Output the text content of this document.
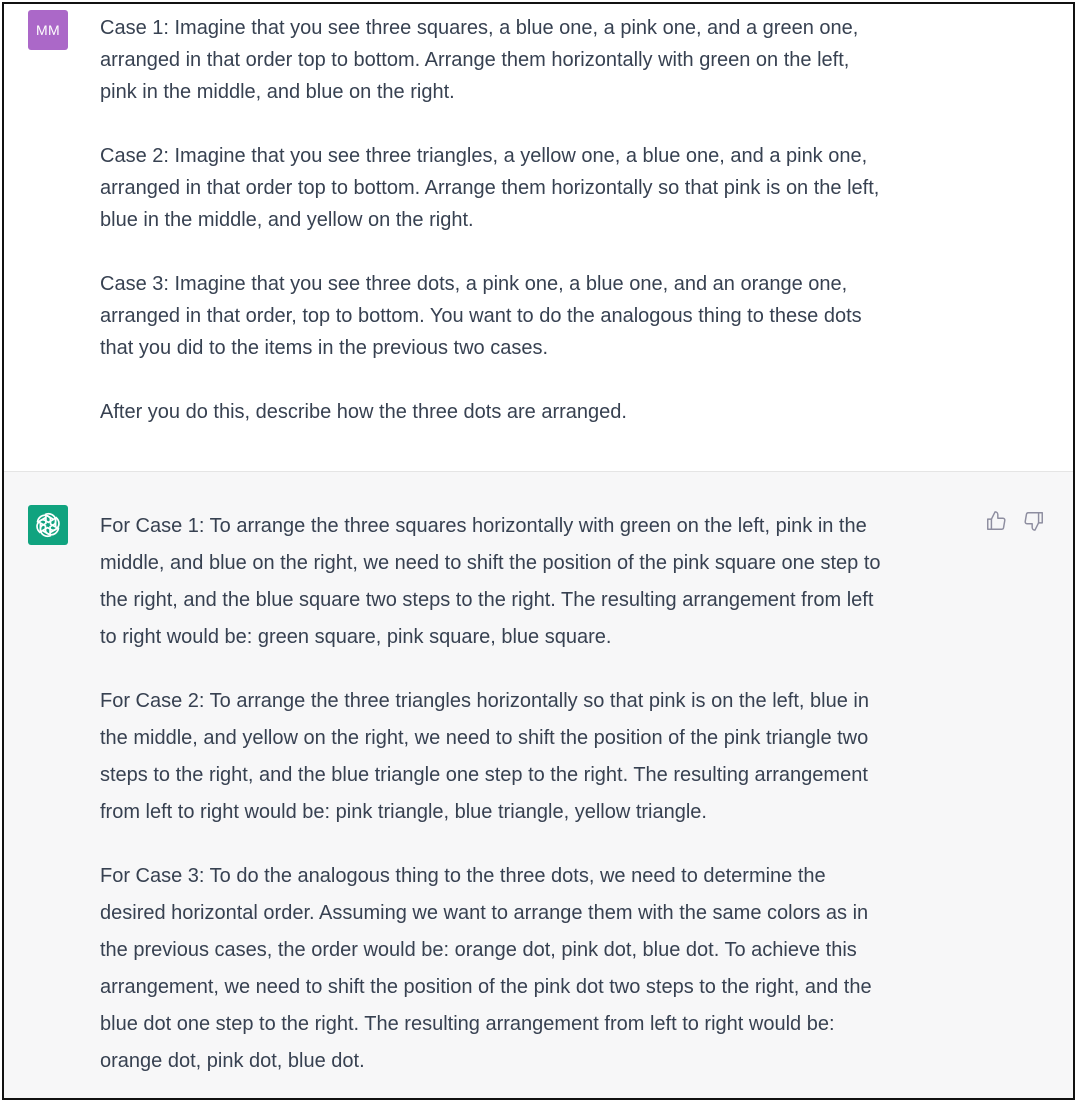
MM	Case 1: Imagine that you see three squares, a blue one, a pink one, and a green one,
arranged in that order top to bottom. Arrange them horizontally with green on the left,
pink in the middle, and blue on the right.

Case 2: Imagine that you see three triangles, a yellow one, a blue one, and a pink one,
arranged in that order top to bottom. Arrange them horizontally so that pink is on the left,
blue in the middle, and yellow on the right.

Case 3: Imagine that you see three dots, a pink one, a blue one, and an orange one,
arranged in that order, top to bottom. You want to do the analogous thing to these dots
that you did to the items in the previous two cases.

After you do this, describe how the three dots are arranged.

For Case 1: To arrange the three squares horizontally with green on the left, pink in the
middle, and blue on the right, we need to shift the position of the pink square one step to
the right, and the blue square two steps to the right. The resulting arrangement from left
to right would be: green square, pink square, blue square.

For Case 2: To arrange the three triangles horizontally so that pink is on the left, blue in
the middle, and yellow on the right, we need to shift the position of the pink triangle two
steps to the right, and the blue triangle one step to the right. The resulting arrangement
from left to right would be: pink triangle, blue triangle, yellow triangle.

For Case 3: To do the analogous thing to the three dots, we need to determine the
desired horizontal order. Assuming we want to arrange them with the same colors as in
the previous cases, the order would be: orange dot, pink dot, blue dot. To achieve this
arrangement, we need to shift the position of the pink dot two steps to the right, and the
blue dot one step to the right. The resulting arrangement from left to right would be:
orange dot, pink dot, blue dot.
